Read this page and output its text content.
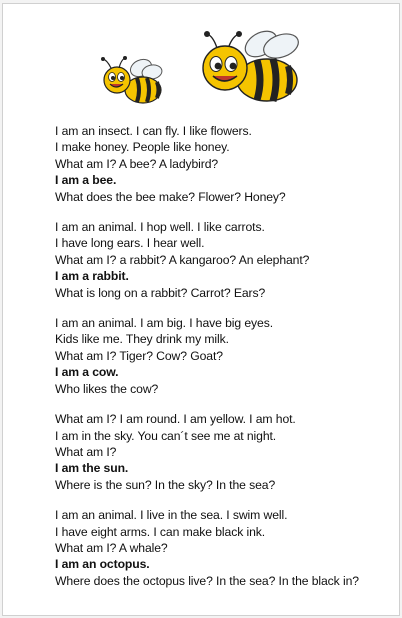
I am an insect. I can fly. I like flowers.
I make honey. People like honey.
What am I? A bee? A ladybird?
I am a bee.
What does the bee make? Flower? Honey?
I am an animal. I hop well. I like carrots.
I have long ears. I hear well.
What am I? a rabbit? A kangaroo? An elephant?
I am a rabbit.
What is long on a rabbit? Carrot? Ears?
I am an animal. I am big. I have big eyes.
Kids like me. They drink my milk.
What am I? Tiger? Cow? Goat?
I am a cow.
Who likes the cow?
What am I? I am round. I am yellow. I am hot.
I am in the sky. You can´t see me at night.
What am I?
I am the sun.
Where is the sun? In the sky? In the sea?
I am an animal. I live in the sea. I swim well.
I have eight arms. I can make black ink.
What am I? A whale?
I am an octopus.
Where does the octopus live? In the sea? In the black in?
